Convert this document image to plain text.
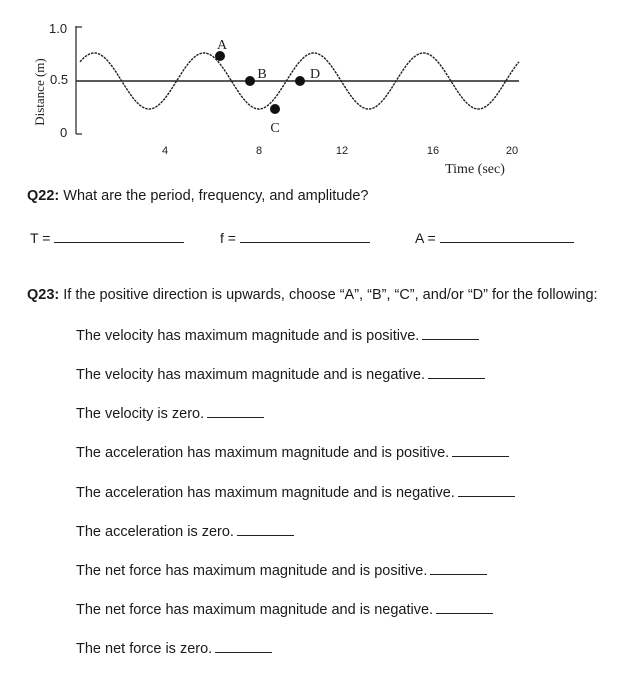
Distance (m)
1.0
0.5
0
4	8	12	16	20
Time (sec)
A
B
C
D
Q22: What are the period, frequency, and amplitude?
T =	f =	A =
Q23: If the positive direction is upwards, choose “A”, “B”, “C”, and/or “D” for the following:
The velocity has maximum magnitude and is positive.
The velocity has maximum magnitude and is negative.
The velocity is zero.
The acceleration has maximum magnitude and is positive.
The acceleration has maximum magnitude and is negative.
The acceleration is zero.
The net force has maximum magnitude and is positive.
The net force has maximum magnitude and is negative.
The net force is zero.
